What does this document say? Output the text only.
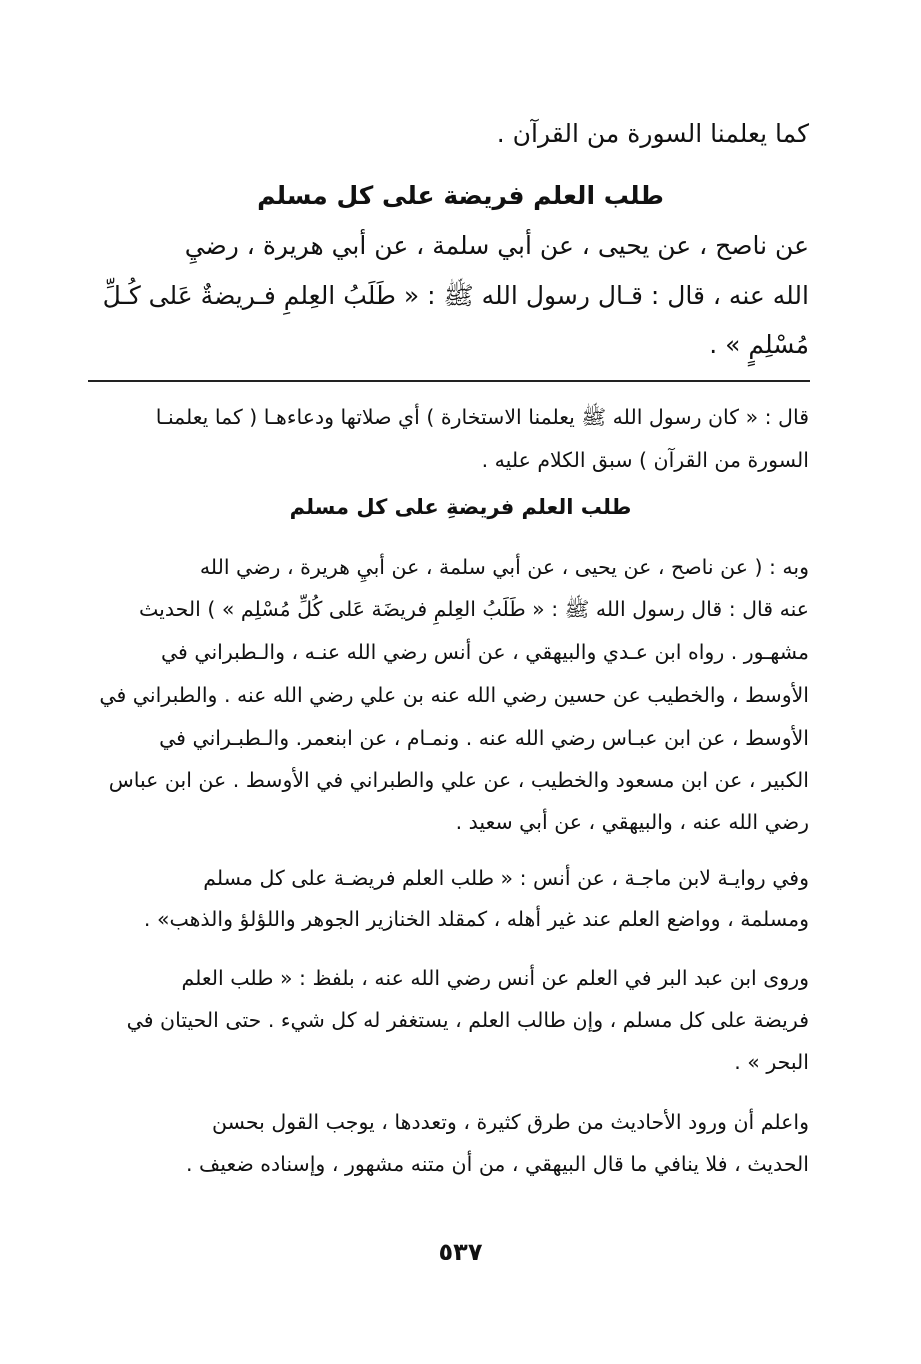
كما يعلمنا السورة من القرآن .
طلب العلم فريضة على كل مسلم
عن ناصح ، عن يحيى ، عن أبي سلمة ، عن أبي هريرة ، رضيِ
الله عنه ، قال : قـال رسول الله ﷺ : « طَلَبُ العِلمِ فـريضةٌ عَلى كُـلِّ
مُسْلِمٍ » .
قال : « كان رسول الله ﷺ يعلمنا الاستخارة ) أي صلاتها ودعاءهـا ( كما يعلمنـا
السورة من القرآن ) سبق الكلام عليه .
طلب العلم فريضةِ على كل مسلم
وبه : ( عن ناصح ، عن يحيى ، عن أبي سلمة ، عن أبيِ هريرة ، رضي الله
عنه قال : قال رسول الله ﷺ : « طَلَبُ العِلمِ فريضَة عَلى كُلِّ مُسْلِم » ) الحديث
مشهـور . رواه ابن عـدي والبيهقي ، عن أنس رضي الله عنـه ، والـطبراني في
الأوسط ، والخطيب عن حسين رضي الله عنه بن علي رضي الله عنه . والطبراني في
الأوسط ، عن ابن عبـاس رضي الله عنه . ونمـام ، عن ابنعمر. والـطبـراني في
الكبير ، عن ابن مسعود والخطيب ، عن علي والطبراني في الأوسط . عن ابن عباس
رضي الله عنه ، والبيهقي ، عن أبي سعيد .
وفي روايـة لابن ماجـة ، عن أنس : « طلب العلم فريضـة على كل مسلم
ومسلمة ، وواضع العلم عند غير أهله ، كمقلد الخنازير الجوهر واللؤلؤ والذهب» .
وروى ابن عبد البر في العلم عن أنس رضي الله عنه ، بلفظ : « طلب العلم
فريضة على كل مسلم ، وإن طالب العلم ، يستغفر له كل شيء . حتى الحيتان في
البحر » .
واعلم أن ورود الأحاديث من طرق كثيرة ، وتعددها ، يوجب القول بحسن
الحديث ، فلا ينافي ما قال البيهقي ، من أن متنه مشهور ، وإسناده ضعيف .
٥٣٧
